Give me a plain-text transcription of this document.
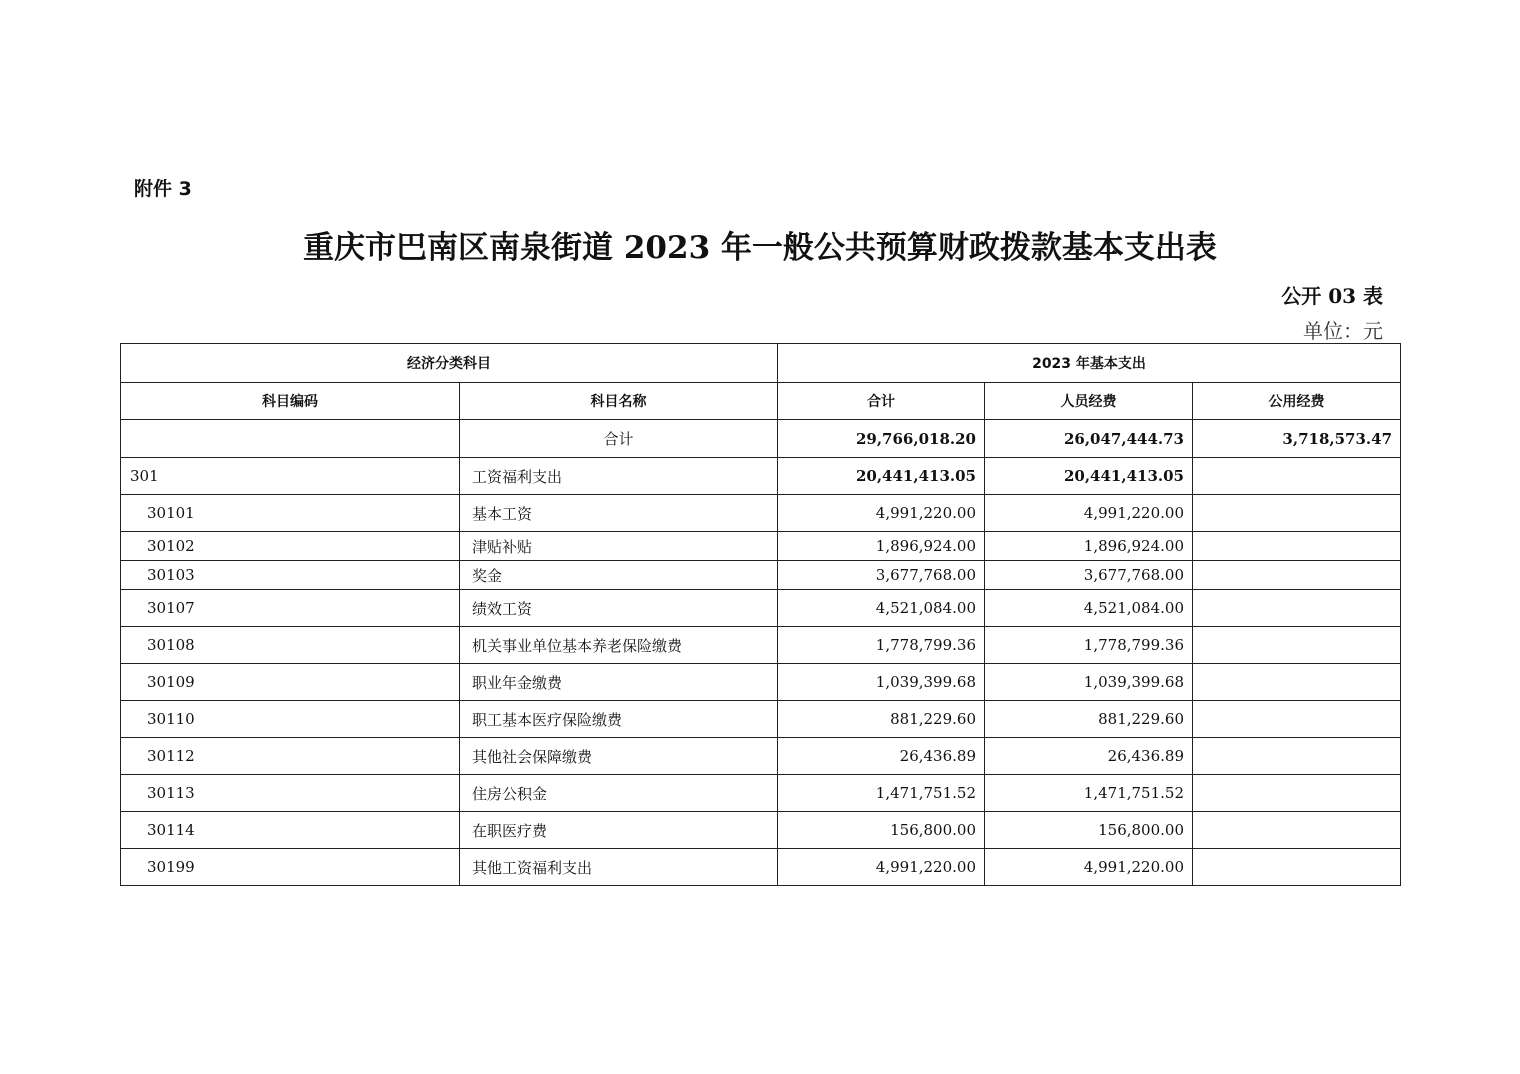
附件 3
重庆市巴南区南泉街道 2023 年一般公共预算财政拨款基本支出表
公开 03 表
单位：元
经济分类科目		2023 年基本支出		
科目编码	科目名称	合计	人员经费	公用经费
	合计	29,766,018.20	26,047,444.73	3,718,573.47
301	工资福利支出	20,441,413.05	20,441,413.05	
30101	基本工资	4,991,220.00	4,991,220.00	
30102	津贴补贴	1,896,924.00	1,896,924.00	
30103	奖金	3,677,768.00	3,677,768.00	
30107	绩效工资	4,521,084.00	4,521,084.00	
30108	机关事业单位基本养老保险缴费	1,778,799.36	1,778,799.36	
30109	职业年金缴费	1,039,399.68	1,039,399.68	
30110	职工基本医疗保险缴费	881,229.60	881,229.60	
30112	其他社会保障缴费	26,436.89	26,436.89	
30113	住房公积金	1,471,751.52	1,471,751.52	
30114	在职医疗费	156,800.00	156,800.00	
30199	其他工资福利支出	4,991,220.00	4,991,220.00	
